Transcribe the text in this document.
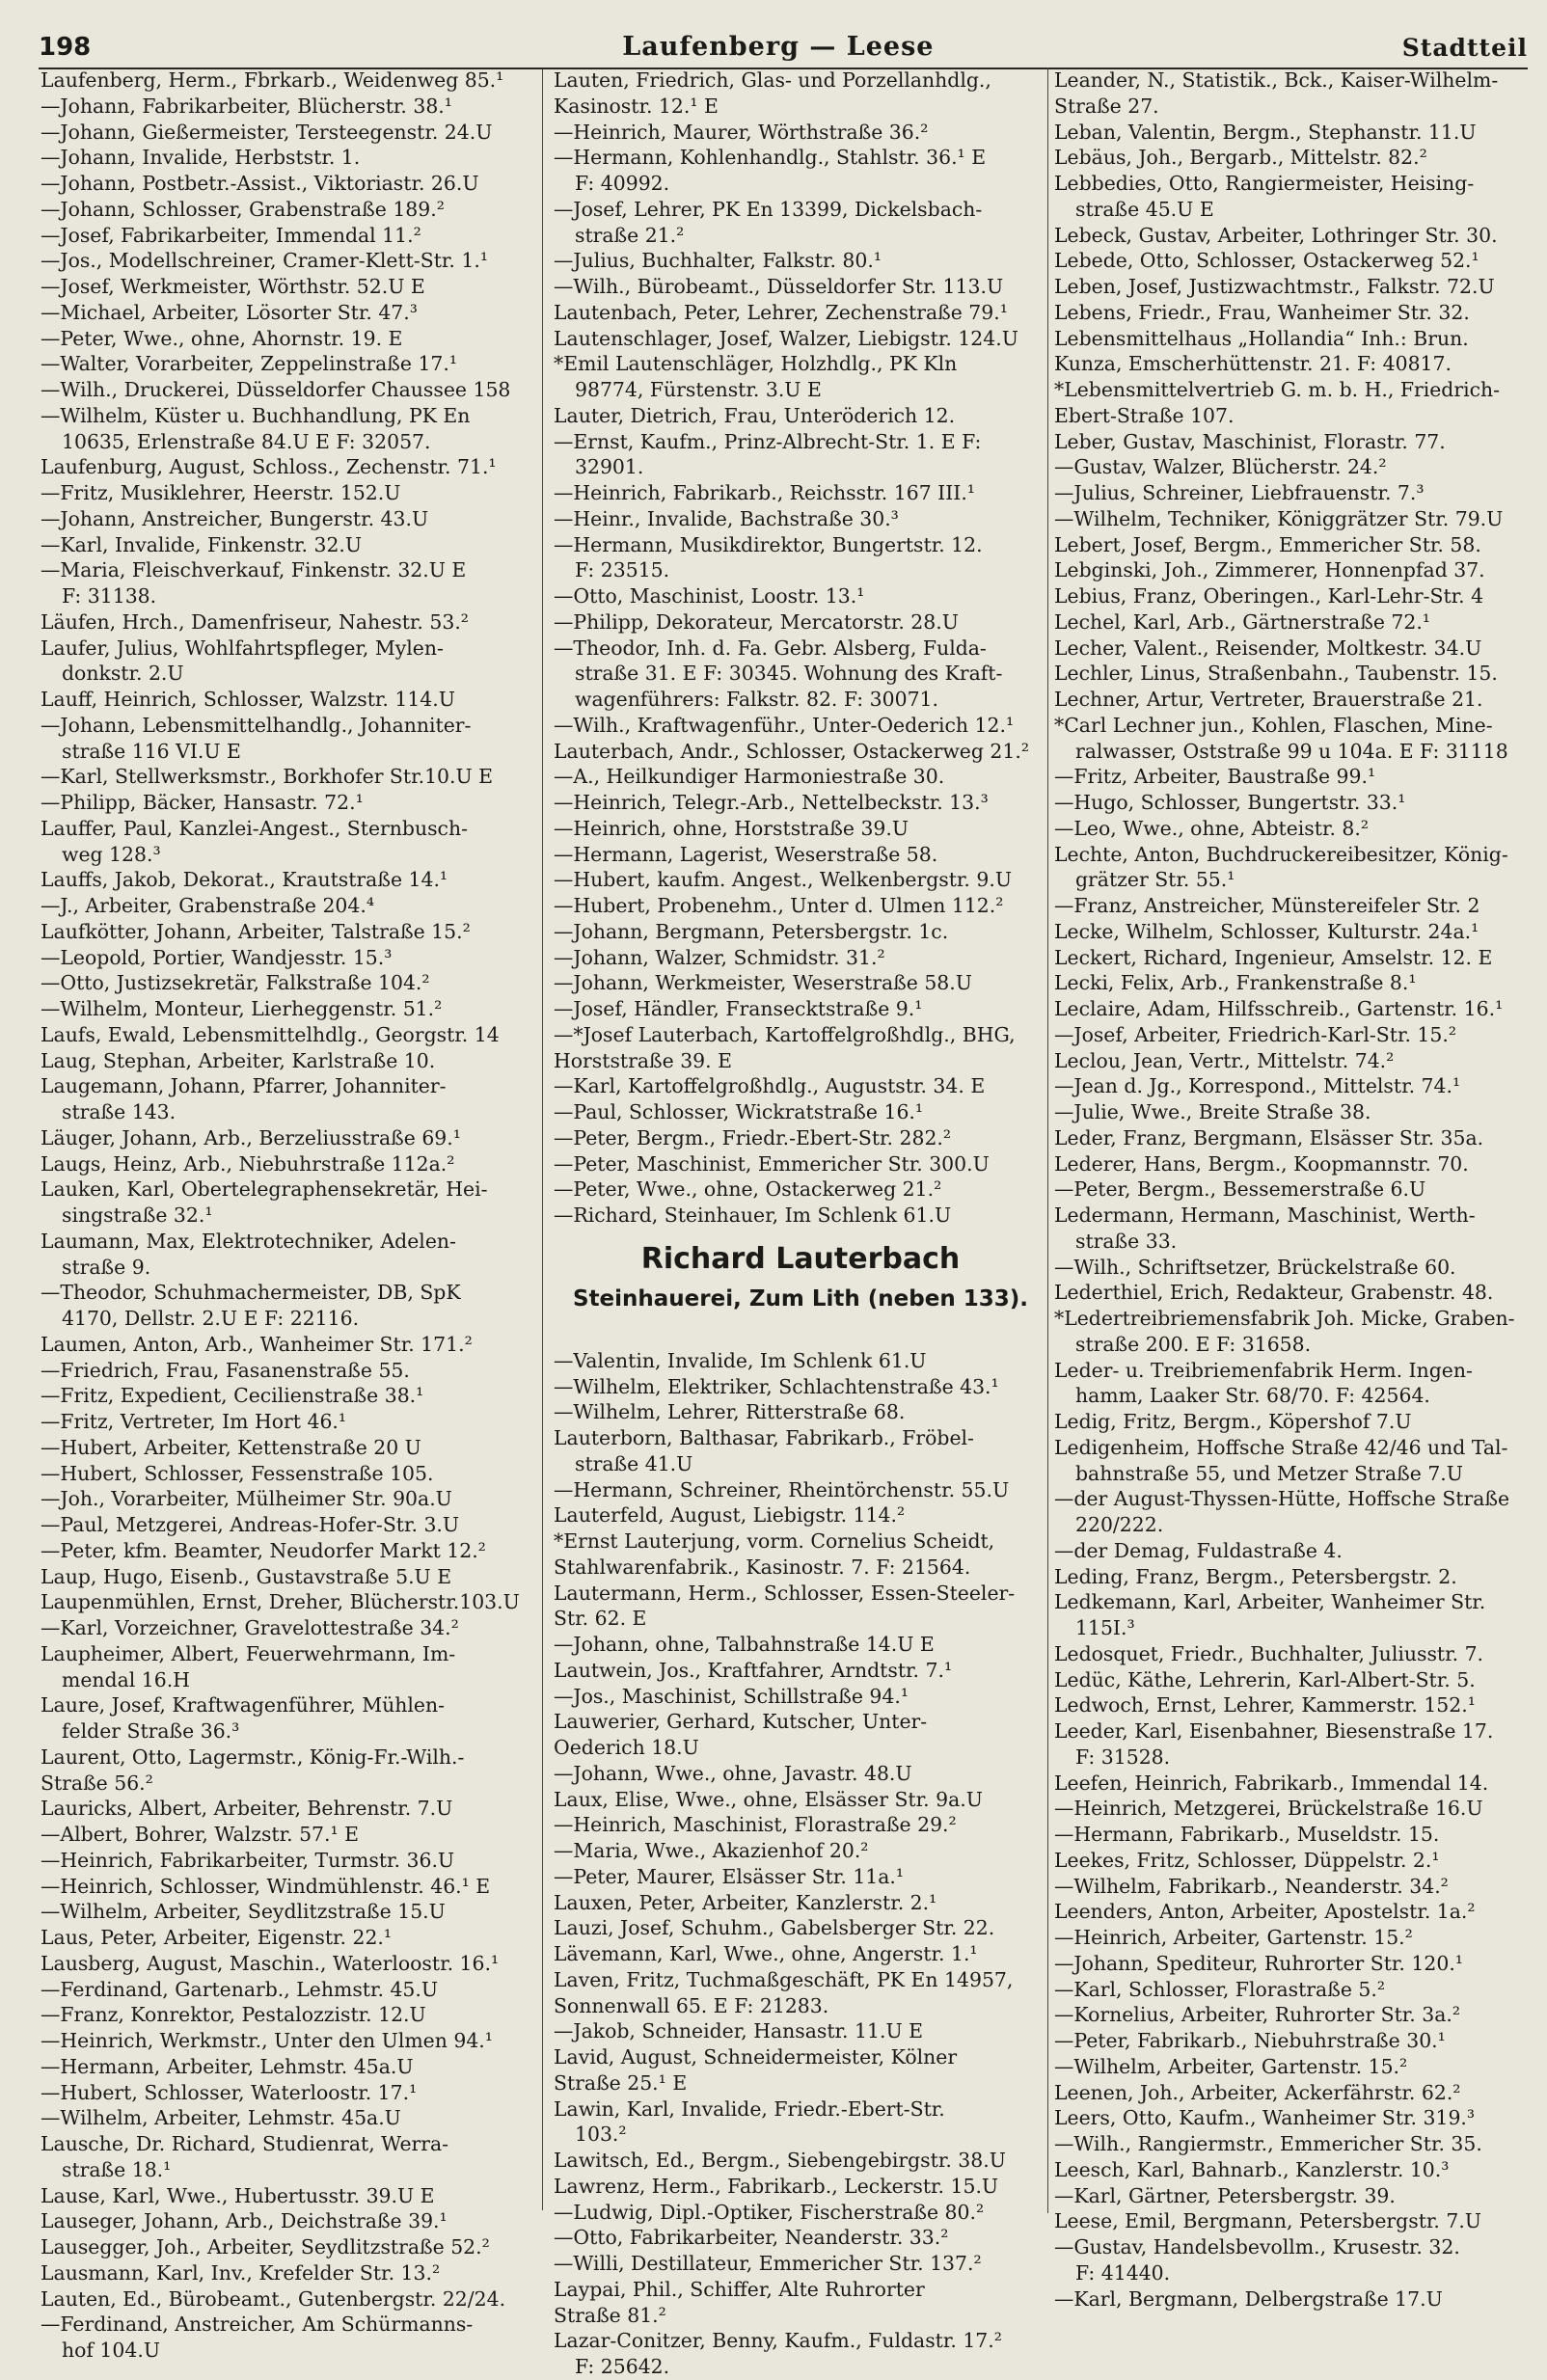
198	Laufenberg — Leese	Stadtteil
Laufenberg, Herm., Fbrkarb., Weidenweg 85.¹
—Johann, Fabrikarbeiter, Blücherstr. 38.¹
—Johann, Gießermeister, Tersteegenstr. 24.U
—Johann, Invalide, Herbststr. 1.
—Johann, Postbetr.-Assist., Viktoriastr. 26.U
—Johann, Schlosser, Grabenstraße 189.²
—Josef, Fabrikarbeiter, Immendal 11.²
—Jos., Modellschreiner, Cramer-Klett-Str. 1.¹
—Josef, Werkmeister, Wörthstr. 52.U E
—Michael, Arbeiter, Lösorter Str. 47.³
—Peter, Wwe., ohne, Ahornstr. 19. E
—Walter, Vorarbeiter, Zeppelinstraße 17.¹
—Wilh., Druckerei, Düsseldorfer Chaussee 158
—Wilhelm, Küster u. Buchhandlung, PK En
10635, Erlenstraße 84.U E F: 32057.
Laufenburg, August, Schloss., Zechenstr. 71.¹
—Fritz, Musiklehrer, Heerstr. 152.U
—Johann, Anstreicher, Bungerstr. 43.U
—Karl, Invalide, Finkenstr. 32.U
—Maria, Fleischverkauf, Finkenstr. 32.U E
F: 31138.
Läufen, Hrch., Damenfriseur, Nahestr. 53.²
Laufer, Julius, Wohlfahrtspfleger, Mylen-
donkstr. 2.U
Lauff, Heinrich, Schlosser, Walzstr. 114.U
—Johann, Lebensmittelhandlg., Johanniter-
straße 116 VI.U E
—Karl, Stellwerksmstr., Borkhofer Str.10.U E
—Philipp, Bäcker, Hansastr. 72.¹
Lauffer, Paul, Kanzlei-Angest., Sternbusch-
weg 128.³
Lauffs, Jakob, Dekorat., Krautstraße 14.¹
—J., Arbeiter, Grabenstraße 204.⁴
Laufkötter, Johann, Arbeiter, Talstraße 15.²
—Leopold, Portier, Wandjesstr. 15.³
—Otto, Justizsekretär, Falkstraße 104.²
—Wilhelm, Monteur, Lierheggenstr. 51.²
Laufs, Ewald, Lebensmittelhdlg., Georgstr. 14
Laug, Stephan, Arbeiter, Karlstraße 10.
Laugemann, Johann, Pfarrer, Johanniter-
straße 143.
Läuger, Johann, Arb., Berzeliusstraße 69.¹
Laugs, Heinz, Arb., Niebuhrstraße 112a.²
Lauken, Karl, Obertelegraphensekretär, Hei-
singstraße 32.¹
Laumann, Max, Elektrotechniker, Adelen-
straße 9.
—Theodor, Schuhmachermeister, DB, SpK
4170, Dellstr. 2.U E F: 22116.
Laumen, Anton, Arb., Wanheimer Str. 171.²
—Friedrich, Frau, Fasanenstraße 55.
—Fritz, Expedient, Cecilienstraße 38.¹
—Fritz, Vertreter, Im Hort 46.¹
—Hubert, Arbeiter, Kettenstraße 20 U
—Hubert, Schlosser, Fessenstraße 105.
—Joh., Vorarbeiter, Mülheimer Str. 90a.U
—Paul, Metzgerei, Andreas-Hofer-Str. 3.U
—Peter, kfm. Beamter, Neudorfer Markt 12.²
Laup, Hugo, Eisenb., Gustavstraße 5.U E
Laupenmühlen, Ernst, Dreher, Blücherstr.103.U
—Karl, Vorzeichner, Gravelottestraße 34.²
Laupheimer, Albert, Feuerwehrmann, Im-
mendal 16.H
Laure, Josef, Kraftwagenführer, Mühlen-
felder Straße 36.³
Laurent, Otto, Lagermstr., König-Fr.-Wilh.-
Straße 56.²
Lauricks, Albert, Arbeiter, Behrenstr. 7.U
—Albert, Bohrer, Walzstr. 57.¹ E
—Heinrich, Fabrikarbeiter, Turmstr. 36.U
—Heinrich, Schlosser, Windmühlenstr. 46.¹ E
—Wilhelm, Arbeiter, Seydlitzstraße 15.U
Laus, Peter, Arbeiter, Eigenstr. 22.¹
Lausberg, August, Maschin., Waterloostr. 16.¹
—Ferdinand, Gartenarb., Lehmstr. 45.U
—Franz, Konrektor, Pestalozzistr. 12.U
—Heinrich, Werkmstr., Unter den Ulmen 94.¹
—Hermann, Arbeiter, Lehmstr. 45a.U
—Hubert, Schlosser, Waterloostr. 17.¹
—Wilhelm, Arbeiter, Lehmstr. 45a.U
Lausche, Dr. Richard, Studienrat, Werra-
straße 18.¹
Lause, Karl, Wwe., Hubertusstr. 39.U E
Lauseger, Johann, Arb., Deichstraße 39.¹
Lausegger, Joh., Arbeiter, Seydlitzstraße 52.²
Lausmann, Karl, Inv., Krefelder Str. 13.²
Lauten, Ed., Bürobeamt., Gutenbergstr. 22/24.
—Ferdinand, Anstreicher, Am Schürmanns-
hof 104.U
Lauten, Friedrich, Glas- und Porzellanhdlg.,
Kasinostr. 12.¹ E
—Heinrich, Maurer, Wörthstraße 36.²
—Hermann, Kohlenhandlg., Stahlstr. 36.¹ E
F: 40992.
—Josef, Lehrer, PK En 13399, Dickelsbach-
straße 21.²
—Julius, Buchhalter, Falkstr. 80.¹
—Wilh., Bürobeamt., Düsseldorfer Str. 113.U
Lautenbach, Peter, Lehrer, Zechenstraße 79.¹
Lautenschlager, Josef, Walzer, Liebigstr. 124.U
*Emil Lautenschläger, Holzhdlg., PK Kln
98774, Fürstenstr. 3.U E
Lauter, Dietrich, Frau, Unteröderich 12.
—Ernst, Kaufm., Prinz-Albrecht-Str. 1. E F:
32901.
—Heinrich, Fabrikarb., Reichsstr. 167 III.¹
—Heinr., Invalide, Bachstraße 30.³
—Hermann, Musikdirektor, Bungertstr. 12.
F: 23515.
—Otto, Maschinist, Loostr. 13.¹
—Philipp, Dekorateur, Mercatorstr. 28.U
—Theodor, Inh. d. Fa. Gebr. Alsberg, Fulda-
straße 31. E F: 30345. Wohnung des Kraft-
wagenführers: Falkstr. 82. F: 30071.
—Wilh., Kraftwagenführ., Unter-Oederich 12.¹
Lauterbach, Andr., Schlosser, Ostackerweg 21.²
—A., Heilkundiger Harmoniestraße 30.
—Heinrich, Telegr.-Arb., Nettelbeckstr. 13.³
—Heinrich, ohne, Horststraße 39.U
—Hermann, Lagerist, Weserstraße 58.
—Hubert, kaufm. Angest., Welkenbergstr. 9.U
—Hubert, Probenehm., Unter d. Ulmen 112.²
—Johann, Bergmann, Petersbergstr. 1c.
—Johann, Walzer, Schmidstr. 31.²
—Johann, Werkmeister, Weserstraße 58.U
—Josef, Händler, Fransecktstraße 9.¹
—*Josef Lauterbach, Kartoffelgroßhdlg., BHG,
Horststraße 39. E
—Karl, Kartoffelgroßhdlg., Auguststr. 34. E
—Paul, Schlosser, Wickratstraße 16.¹
—Peter, Bergm., Friedr.-Ebert-Str. 282.²
—Peter, Maschinist, Emmericher Str. 300.U
—Peter, Wwe., ohne, Ostackerweg 21.²
—Richard, Steinhauer, Im Schlenk 61.U
Richard Lauterbach
Steinhauerei, Zum Lith (neben 133).
—Valentin, Invalide, Im Schlenk 61.U
—Wilhelm, Elektriker, Schlachtenstraße 43.¹
—Wilhelm, Lehrer, Ritterstraße 68.
Lauterborn, Balthasar, Fabrikarb., Fröbel-
straße 41.U
—Hermann, Schreiner, Rheintörchenstr. 55.U
Lauterfeld, August, Liebigstr. 114.²
*Ernst Lauterjung, vorm. Cornelius Scheidt,
Stahlwarenfabrik., Kasinostr. 7. F: 21564.
Lautermann, Herm., Schlosser, Essen-Steeler-
Str. 62. E
—Johann, ohne, Talbahnstraße 14.U E
Lautwein, Jos., Kraftfahrer, Arndtstr. 7.¹
—Jos., Maschinist, Schillstraße 94.¹
Lauwerier, Gerhard, Kutscher, Unter-
Oederich 18.U
—Johann, Wwe., ohne, Javastr. 48.U
Laux, Elise, Wwe., ohne, Elsässer Str. 9a.U
—Heinrich, Maschinist, Florastraße 29.²
—Maria, Wwe., Akazienhof 20.²
—Peter, Maurer, Elsässer Str. 11a.¹
Lauxen, Peter, Arbeiter, Kanzlerstr. 2.¹
Lauzi, Josef, Schuhm., Gabelsberger Str. 22.
Lävemann, Karl, Wwe., ohne, Angerstr. 1.¹
Laven, Fritz, Tuchmaßgeschäft, PK En 14957,
Sonnenwall 65. E F: 21283.
—Jakob, Schneider, Hansastr. 11.U E
Lavid, August, Schneidermeister, Kölner
Straße 25.¹ E
Lawin, Karl, Invalide, Friedr.-Ebert-Str.
103.²
Lawitsch, Ed., Bergm., Siebengebirgstr. 38.U
Lawrenz, Herm., Fabrikarb., Leckerstr. 15.U
—Ludwig, Dipl.-Optiker, Fischerstraße 80.²
—Otto, Fabrikarbeiter, Neanderstr. 33.²
—Willi, Destillateur, Emmericher Str. 137.²
Laypai, Phil., Schiffer, Alte Ruhrorter
Straße 81.²
Lazar-Conitzer, Benny, Kaufm., Fuldastr. 17.²
F: 25642.
Leander, N., Statistik., Bck., Kaiser-Wilhelm-
Straße 27.
Leban, Valentin, Bergm., Stephanstr. 11.U
Lebäus, Joh., Bergarb., Mittelstr. 82.²
Lebbedies, Otto, Rangiermeister, Heising-
straße 45.U E
Lebeck, Gustav, Arbeiter, Lothringer Str. 30.
Lebede, Otto, Schlosser, Ostackerweg 52.¹
Leben, Josef, Justizwachtmstr., Falkstr. 72.U
Lebens, Friedr., Frau, Wanheimer Str. 32.
Lebensmittelhaus „Hollandia“ Inh.: Brun.
Kunza, Emscherhüttenstr. 21. F: 40817.
*Lebensmittelvertrieb G. m. b. H., Friedrich-
Ebert-Straße 107.
Leber, Gustav, Maschinist, Florastr. 77.
—Gustav, Walzer, Blücherstr. 24.²
—Julius, Schreiner, Liebfrauenstr. 7.³
—Wilhelm, Techniker, Königgrätzer Str. 79.U
Lebert, Josef, Bergm., Emmericher Str. 58.
Lebginski, Joh., Zimmerer, Honnenpfad 37.
Lebius, Franz, Oberingen., Karl-Lehr-Str. 4
Lechel, Karl, Arb., Gärtnerstraße 72.¹
Lecher, Valent., Reisender, Moltkestr. 34.U
Lechler, Linus, Straßenbahn., Taubenstr. 15.
Lechner, Artur, Vertreter, Brauerstraße 21.
*Carl Lechner jun., Kohlen, Flaschen, Mine-
ralwasser, Oststraße 99 u 104a. E F: 31118
—Fritz, Arbeiter, Baustraße 99.¹
—Hugo, Schlosser, Bungertstr. 33.¹
—Leo, Wwe., ohne, Abteistr. 8.²
Lechte, Anton, Buchdruckereibesitzer, König-
grätzer Str. 55.¹
—Franz, Anstreicher, Münstereifeler Str. 2
Lecke, Wilhelm, Schlosser, Kulturstr. 24a.¹
Leckert, Richard, Ingenieur, Amselstr. 12. E
Lecki, Felix, Arb., Frankenstraße 8.¹
Leclaire, Adam, Hilfsschreib., Gartenstr. 16.¹
—Josef, Arbeiter, Friedrich-Karl-Str. 15.²
Leclou, Jean, Vertr., Mittelstr. 74.²
—Jean d. Jg., Korrespond., Mittelstr. 74.¹
—Julie, Wwe., Breite Straße 38.
Leder, Franz, Bergmann, Elsässer Str. 35a.
Lederer, Hans, Bergm., Koopmannstr. 70.
—Peter, Bergm., Bessemerstraße 6.U
Ledermann, Hermann, Maschinist, Werth-
straße 33.
—Wilh., Schriftsetzer, Brückelstraße 60.
Lederthiel, Erich, Redakteur, Grabenstr. 48.
*Ledertreibriemensfabrik Joh. Micke, Graben-
straße 200. E F: 31658.
Leder- u. Treibriemenfabrik Herm. Ingen-
hamm, Laaker Str. 68/70. F: 42564.
Ledig, Fritz, Bergm., Köpershof 7.U
Ledigenheim, Hoffsche Straße 42/46 und Tal-
bahnstraße 55, und Metzer Straße 7.U
—der August-Thyssen-Hütte, Hoffsche Straße
220/222.
—der Demag, Fuldastraße 4.
Leding, Franz, Bergm., Petersbergstr. 2.
Ledkemann, Karl, Arbeiter, Wanheimer Str.
115I.³
Ledosquet, Friedr., Buchhalter, Juliusstr. 7.
Ledüc, Käthe, Lehrerin, Karl-Albert-Str. 5.
Ledwoch, Ernst, Lehrer, Kammerstr. 152.¹
Leeder, Karl, Eisenbahner, Biesenstraße 17.
F: 31528.
Leefen, Heinrich, Fabrikarb., Immendal 14.
—Heinrich, Metzgerei, Brückelstraße 16.U
—Hermann, Fabrikarb., Museldstr. 15.
Leekes, Fritz, Schlosser, Düppelstr. 2.¹
—Wilhelm, Fabrikarb., Neanderstr. 34.²
Leenders, Anton, Arbeiter, Apostelstr. 1a.²
—Heinrich, Arbeiter, Gartenstr. 15.²
—Johann, Spediteur, Ruhrorter Str. 120.¹
—Karl, Schlosser, Florastraße 5.²
—Kornelius, Arbeiter, Ruhrorter Str. 3a.²
—Peter, Fabrikarb., Niebuhrstraße 30.¹
—Wilhelm, Arbeiter, Gartenstr. 15.²
Leenen, Joh., Arbeiter, Ackerfährstr. 62.²
Leers, Otto, Kaufm., Wanheimer Str. 319.³
—Wilh., Rangiermstr., Emmericher Str. 35.
Leesch, Karl, Bahnarb., Kanzlerstr. 10.³
—Karl, Gärtner, Petersbergstr. 39.
Leese, Emil, Bergmann, Petersbergstr. 7.U
—Gustav, Handelsbevollm., Krusestr. 32.
F: 41440.
—Karl, Bergmann, Delbergstraße 17.U
